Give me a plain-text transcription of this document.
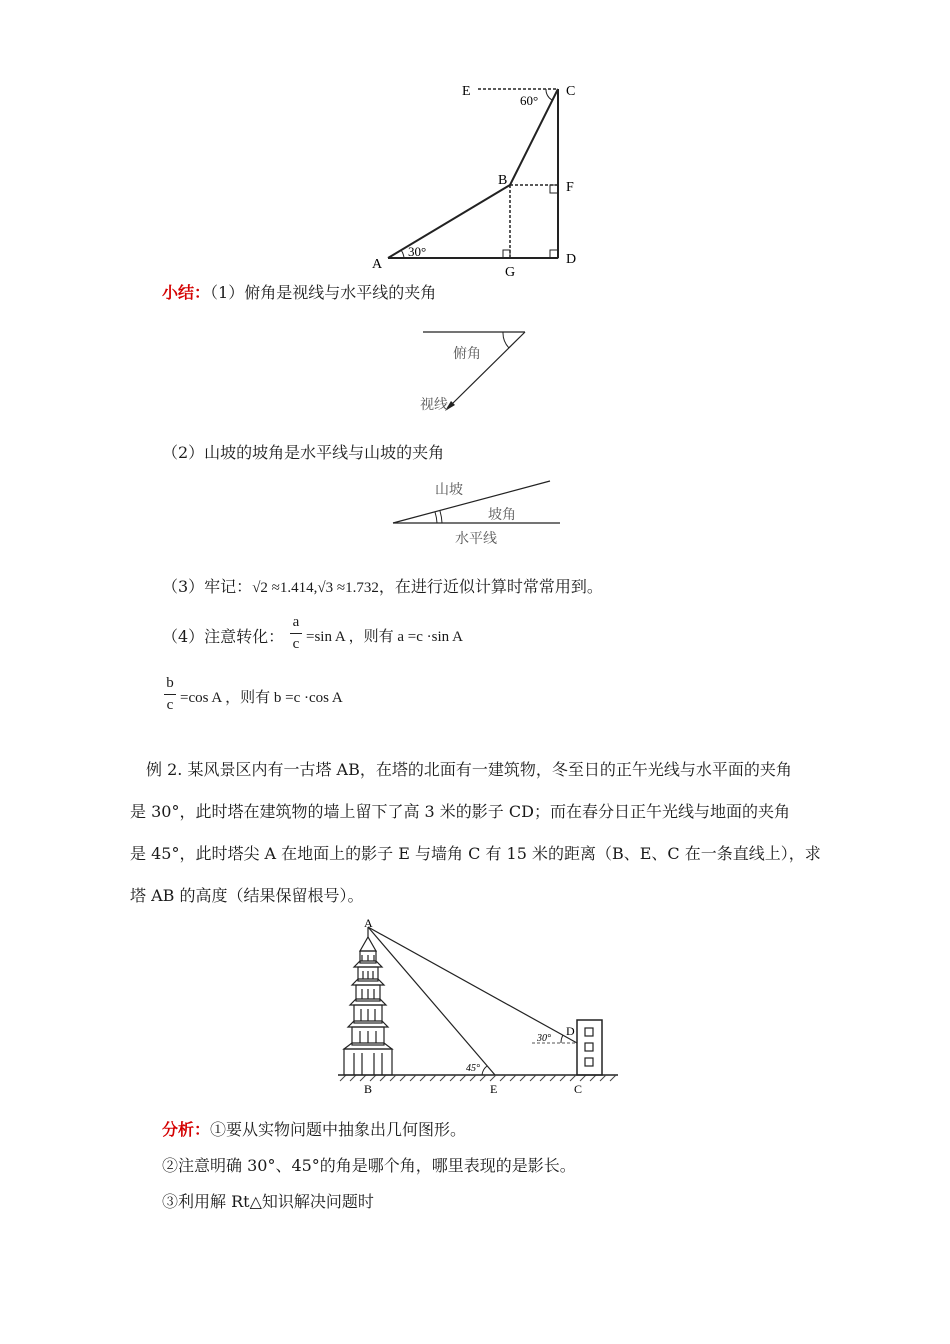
E	C
60°
B	F
30°
A
G
D
小结：（1）俯角是视线与水平线的夹角
俯角
视线
（2）山坡的坡角是水平线与山坡的夹角
山坡
坡角
水平线
（3）牢记：√2 ≈1.414,√3 ≈1.732，在进行近似计算时常常用到。
（4）注意转化：
a
c =sin A ，则有 a =c ·sin A
b
c =cos A ，则有 b =c ·cos A
例 2. 某风景区内有一古塔 AB，在塔的北面有一建筑物，冬至日的正午光线与水平面的夹角
是 30°，此时塔在建筑物的墙上留下了高 3 米的影子 CD；而在春分日正午光线与地面的夹角
是 45°，此时塔尖 A 在地面上的影子 E 与墙角 C 有 15 米的距离（B、E、C 在一条直线上），求
塔 AB 的高度（结果保留根号）。
A
B	E	C
D
45°
30°
分析：①要从实物问题中抽象出几何图形。
②注意明确 30°、45°的角是哪个角，哪里表现的是影长。
③利用解 Rt△知识解决问题时
